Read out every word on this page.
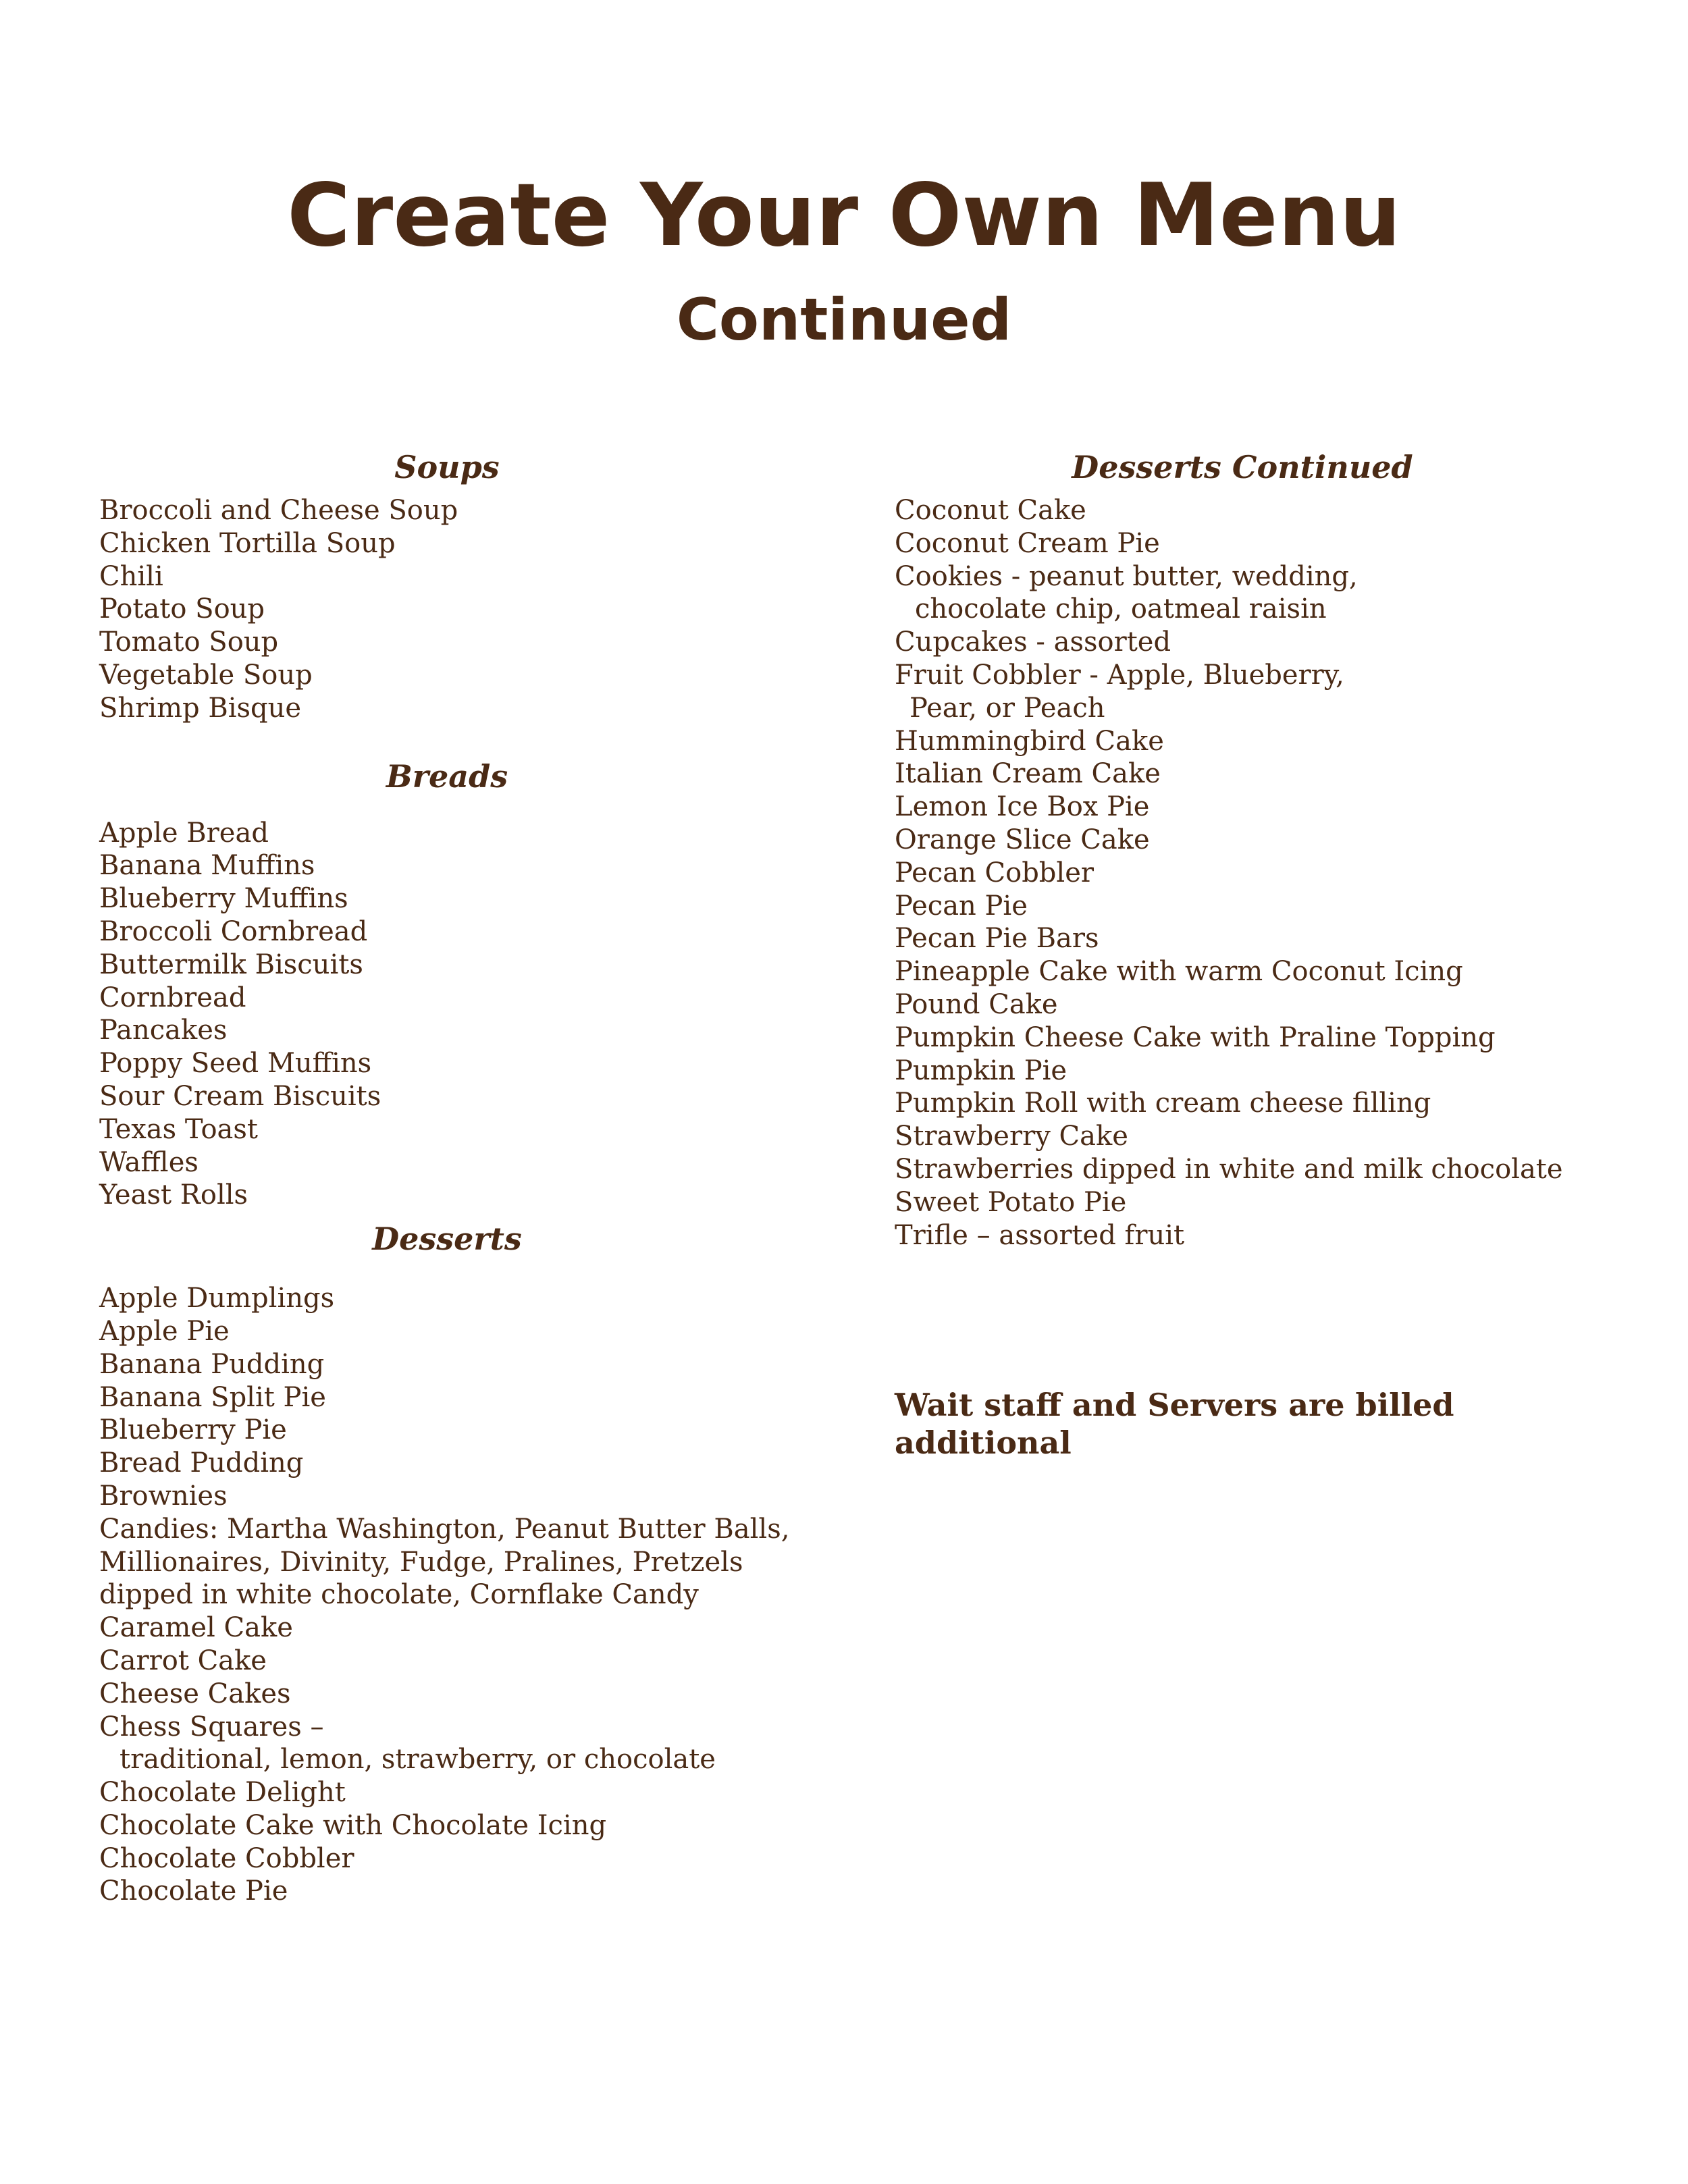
Create Your Own Menu
Continued
Soups
Broccoli and Cheese Soup
Chicken Tortilla Soup
Chili
Potato Soup
Tomato Soup
Vegetable Soup
Shrimp Bisque
Breads
Apple Bread
Banana Muffins
Blueberry Muffins
Broccoli Cornbread
Buttermilk Biscuits
Cornbread
Pancakes
Poppy Seed Muffins
Sour Cream Biscuits
Texas Toast
Waffles
Yeast Rolls
Desserts
Apple Dumplings
Apple Pie
Banana Pudding
Banana Split Pie
Blueberry Pie
Bread Pudding
Brownies
Candies: Martha Washington, Peanut Butter Balls,
Millionaires, Divinity, Fudge, Pralines, Pretzels
dipped in white chocolate, Cornflake Candy
Caramel Cake
Carrot Cake
Cheese Cakes
Chess Squares –
traditional, lemon, strawberry, or chocolate
Chocolate Delight
Chocolate Cake with Chocolate Icing
Chocolate Cobbler
Chocolate Pie
Desserts Continued
Coconut Cake
Coconut Cream Pie
Cookies - peanut butter, wedding,
chocolate chip, oatmeal raisin
Cupcakes - assorted
Fruit Cobbler - Apple, Blueberry,
Pear, or Peach
Hummingbird Cake
Italian Cream Cake
Lemon Ice Box Pie
Orange Slice Cake
Pecan Cobbler
Pecan Pie
Pecan Pie Bars
Pineapple Cake with warm Coconut Icing
Pound Cake
Pumpkin Cheese Cake with Praline Topping
Pumpkin Pie
Pumpkin Roll with cream cheese filling
Strawberry Cake
Strawberries dipped in white and milk chocolate
Sweet Potato Pie
Trifle – assorted fruit

Wait staff and Servers are billed
additional
